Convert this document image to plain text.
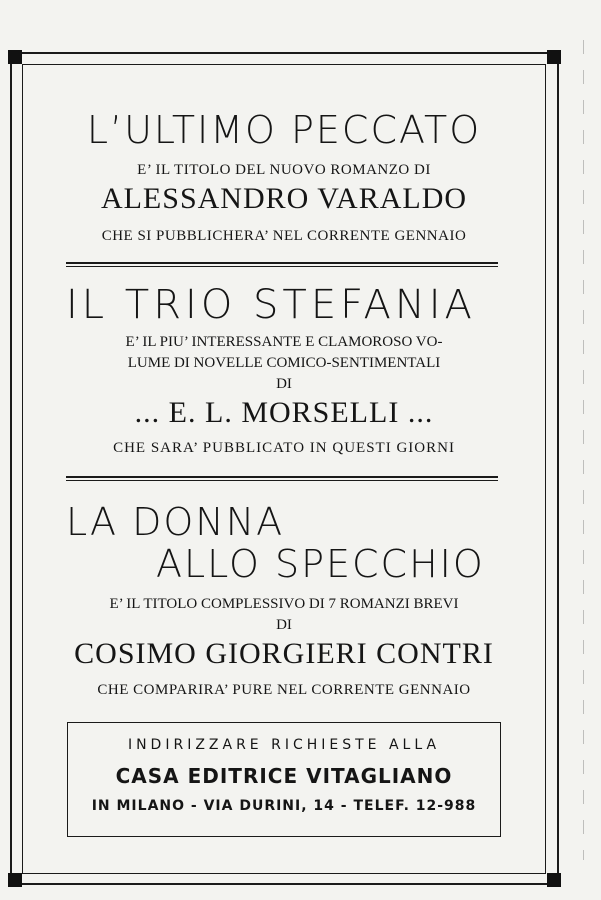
L’ULTIMO PECCATO
E’ IL TITOLO DEL NUOVO ROMANZO DI
ALESSANDRO VARALDO
CHE SI PUBBLICHERA’ NEL CORRENTE GENNAIO
IL TRIO STEFANIA
E’ IL PIU’ INTERESSANTE E CLAMOROSO VO-
LUME DI NOVELLE COMICO-SENTIMENTALI
DI
... E. L. MORSELLI ...
CHE SARA’ PUBBLICATO IN QUESTI GIORNI
LA DONNA
ALLO SPECCHIO
E’ IL TITOLO COMPLESSIVO DI 7 ROMANZI BREVI
DI
COSIMO GIORGIERI CONTRI
CHE COMPARIRA’ PURE NEL CORRENTE GENNAIO
INDIRIZZARE RICHIESTE ALLA
CASA EDITRICE VITAGLIANO
IN MILANO - VIA DURINI, 14 - TELEF. 12-988
